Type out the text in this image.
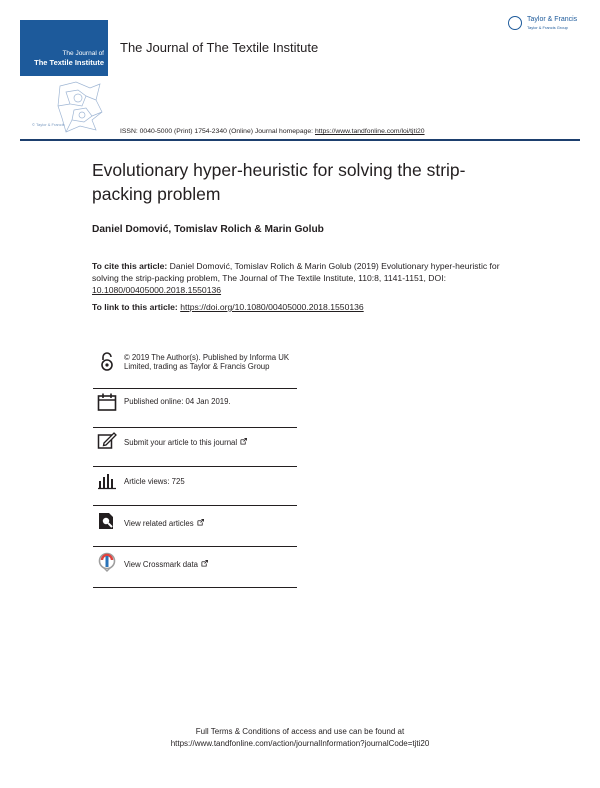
The Journal of
The Textile Institute
© Taylor & Francis
The Journal of The Textile Institute
Taylor & Francis
Taylor & Francis Group
ISSN: 0040-5000 (Print) 1754-2340 (Online) Journal homepage: https://www.tandfonline.com/loi/tjti20
Evolutionary hyper-heuristic for solving the strip-packing problem
Daniel Domović, Tomislav Rolich & Marin Golub
To cite this article: Daniel Domović, Tomislav Rolich & Marin Golub (2019) Evolutionary hyper-heuristic for solving the strip-packing problem, The Journal of The Textile Institute, 110:8, 1141-1151, DOI: 10.1080/00405000.2018.1550136
To link to this article: https://doi.org/10.1080/00405000.2018.1550136
© 2019 The Author(s). Published by Informa UK Limited, trading as Taylor & Francis Group
Published online: 04 Jan 2019.
Submit your article to this journal
Article views: 725
View related articles
View Crossmark data
Full Terms & Conditions of access and use can be found at
https://www.tandfonline.com/action/journalInformation?journalCode=tjti20
